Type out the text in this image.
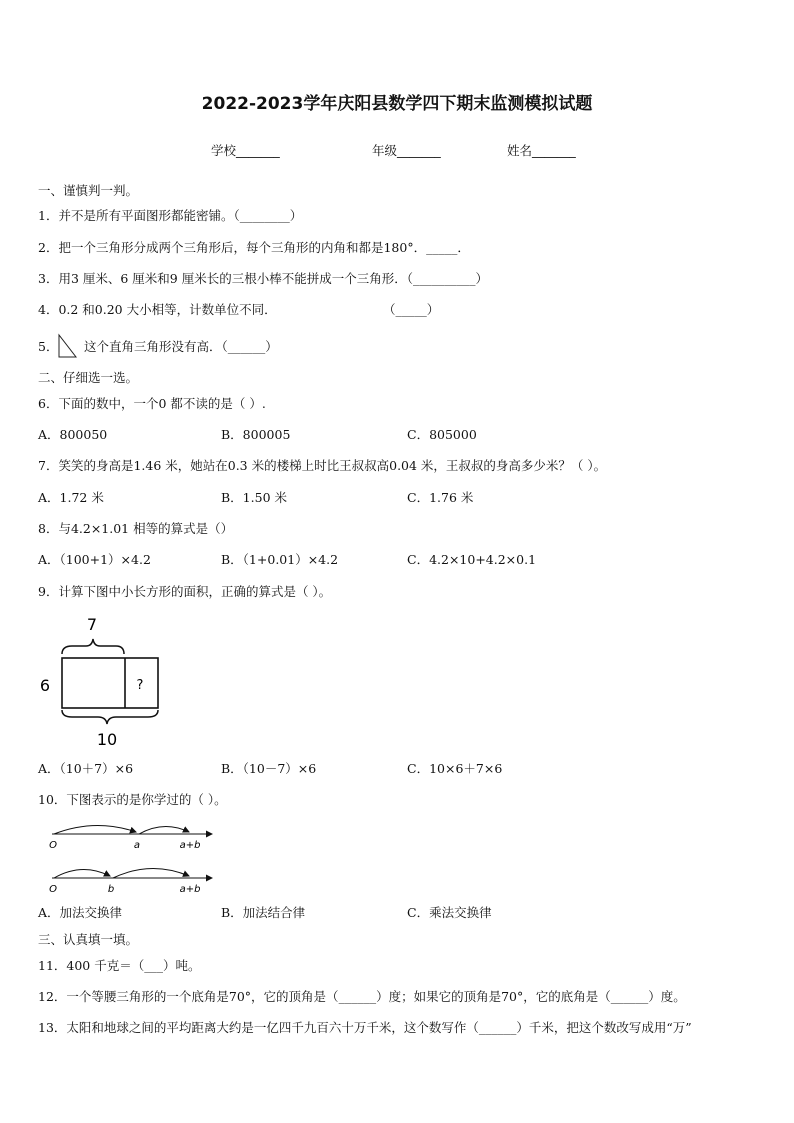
2022-2023学年庆阳县数学四下期末监测模拟试题
学校_______	年级_______	姓名_______
一、谨慎判一判。
1．并不是所有平面图形都能密铺。（________）
2．把一个三角形分成两个三角形后，每个三角形的内角和都是180°．_____．
3．用3 厘米、6 厘米和9 厘米长的三根小棒不能拼成一个三角形．（__________）
4．0.2 和0.20 大小相等，计数单位不同．	（_____）
5． 这个直角三角形没有高．（______）
二、仔细选一选。
6．下面的数中，一个0 都不读的是（ ）.
A．800050	B．800005	C．805000
7．笑笑的身高是1.46 米，她站在0.3 米的楼梯上时比王叔叔高0.04 米，王叔叔的身高多少米？（ ）。
A．1.72 米	B．1.50 米	C．1.76 米
8．与4.2×1.01 相等的算式是（）
A．（100+1）×4.2	B．（1+0.01）×4.2	C．4.2×10+4.2×0.1
9．计算下图中小长方形的面积，正确的算式是（ ）。
7
?
6
10
A．（10＋7）×6	B．（10－7）×6	C．10×6＋7×6
10．下图表示的是你学过的（ ）。
O	a	a+b
O	b	a+b
A．加法交换律	B．加法结合律	C．乘法交换律
三、认真填一填。
11．400 千克＝（___）吨。
12．一个等腰三角形的一个底角是70°，它的顶角是（______）度；如果它的顶角是70°，它的底角是（______）度。
13．太阳和地球之间的平均距离大约是一亿四千九百六十万千米，这个数写作（______）千米，把这个数改写成用“万”
